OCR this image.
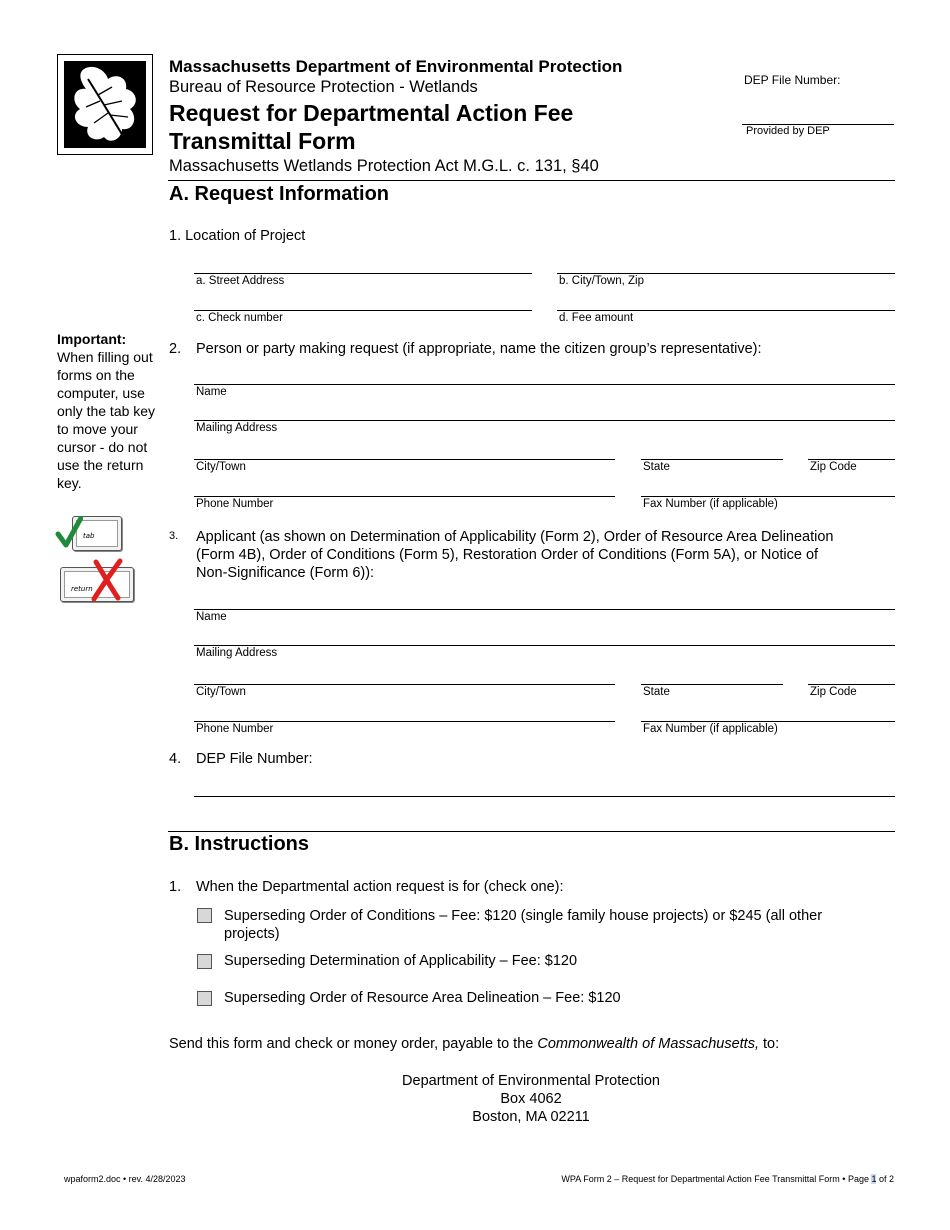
Massachusetts Department of Environmental Protection
Bureau of Resource Protection - Wetlands
Request for Departmental Action Fee
Transmittal Form
Massachusetts Wetlands Protection Act M.G.L. c. 131, §40
DEP File Number:
Provided by DEP
A. Request Information
1. Location of Project
a. Street Address	b. City/Town, Zip
c. Check number	d. Fee amount
2. Person or party making request (if appropriate, name the citizen group’s representative):
Name
Mailing Address
City/Town	State	Zip Code
Phone Number	Fax Number (if applicable)
Important:
When filling out forms on the computer, use only the tab key to move your cursor - do not use the return key.
tab
return
3. Applicant (as shown on Determination of Applicability (Form 2), Order of Resource Area Delineation
(Form 4B), Order of Conditions (Form 5), Restoration Order of Conditions (Form 5A), or Notice of
Non-Significance (Form 6)):
Name
Mailing Address
City/Town	State	Zip Code
Phone Number	Fax Number (if applicable)
4. DEP File Number:
B. Instructions
1. When the Departmental action request is for (check one):
Superseding Order of Conditions – Fee: $120 (single family house projects) or $245 (all other
projects)
Superseding Determination of Applicability – Fee: $120
Superseding Order of Resource Area Delineation – Fee: $120
Send this form and check or money order, payable to the Commonwealth of Massachusetts, to:
Department of Environmental Protection
Box 4062
Boston, MA 02211
wpaform2.doc • rev. 4/28/2023	WPA Form 2 – Request for Departmental Action Fee Transmittal Form • Page 1 of 2
